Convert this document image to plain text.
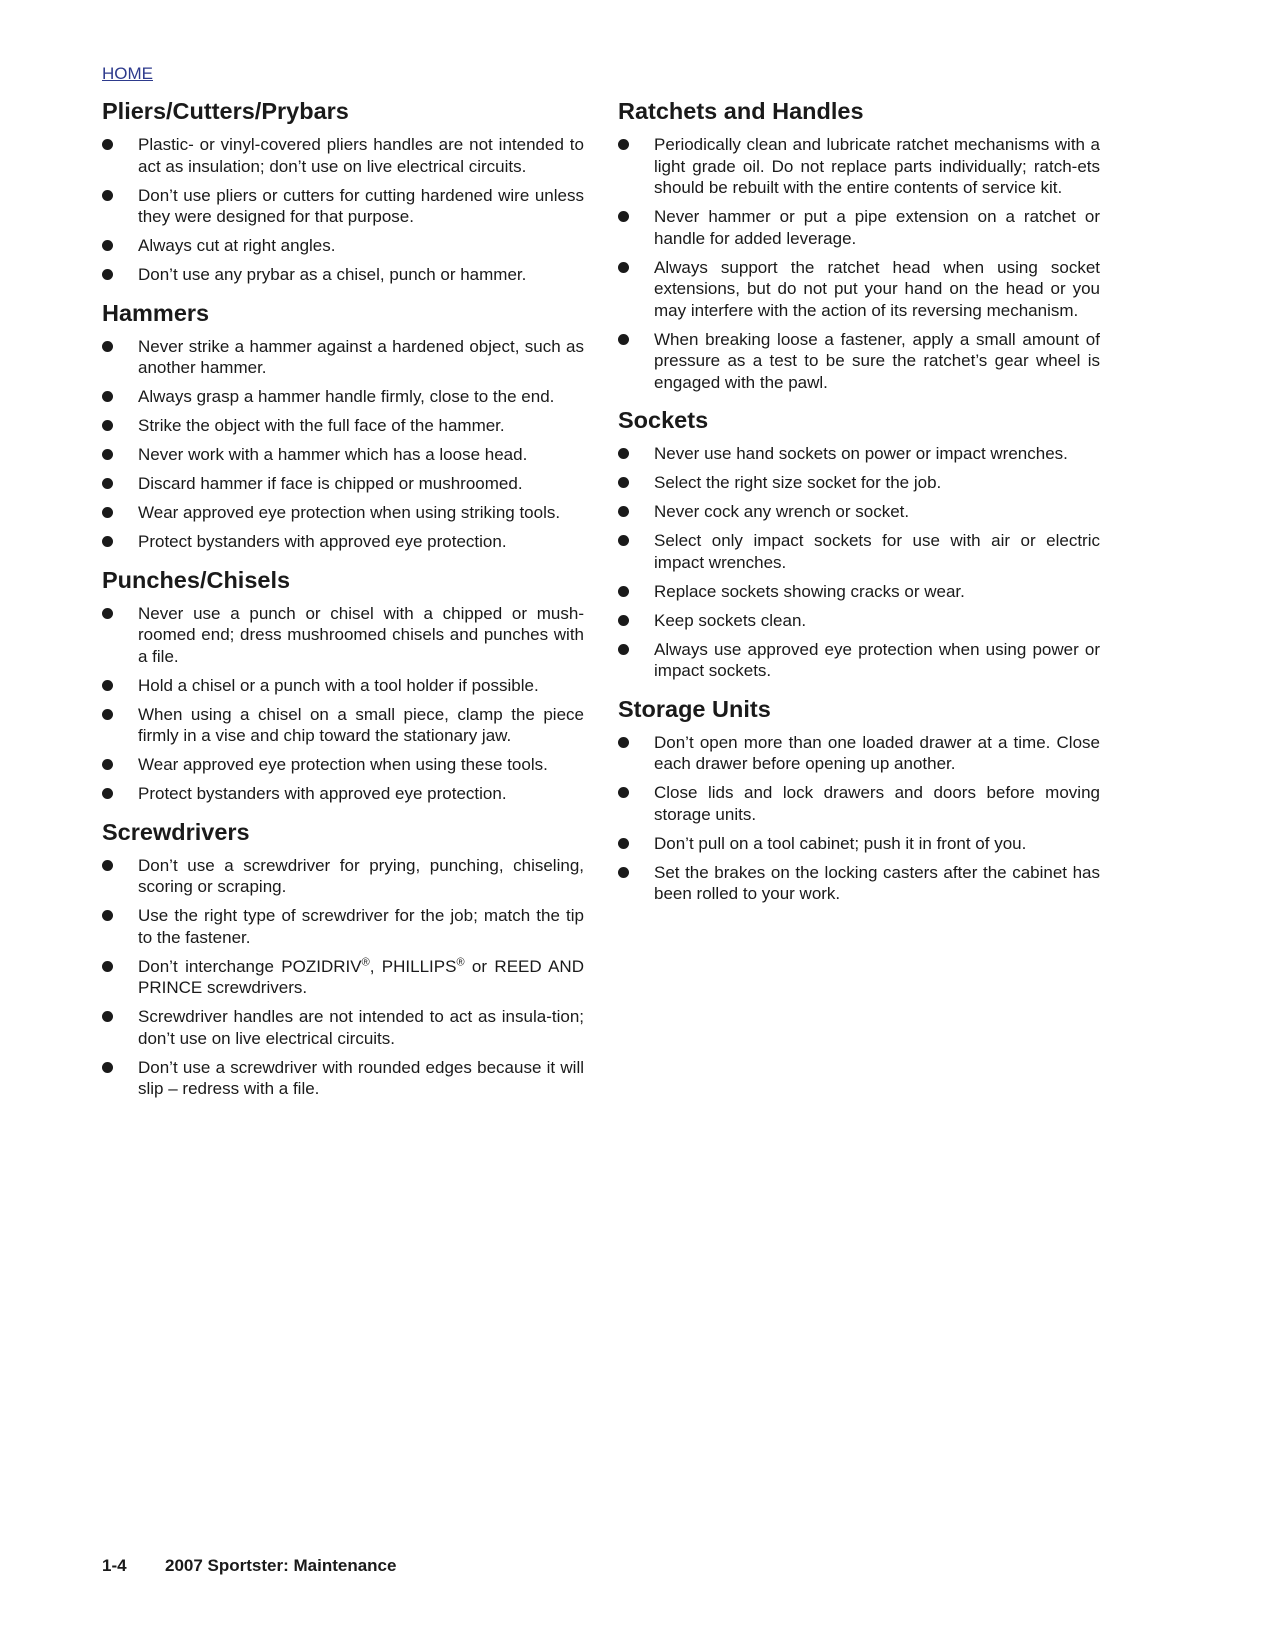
HOME
Pliers/Cutters/Prybars
Plastic- or vinyl-covered pliers handles are not intended to act as insulation; don’t use on live electrical circuits.
Don’t use pliers or cutters for cutting hardened wire unless they were designed for that purpose.
Always cut at right angles.
Don’t use any prybar as a chisel, punch or hammer.
Hammers
Never strike a hammer against a hardened object, such as another hammer.
Always grasp a hammer handle firmly, close to the end.
Strike the object with the full face of the hammer.
Never work with a hammer which has a loose head.
Discard hammer if face is chipped or mushroomed.
Wear approved eye protection when using striking tools.
Protect bystanders with approved eye protection.
Punches/Chisels
Never use a punch or chisel with a chipped or mush-roomed end; dress mushroomed chisels and punches with a file.
Hold a chisel or a punch with a tool holder if possible.
When using a chisel on a small piece, clamp the piece firmly in a vise and chip toward the stationary jaw.
Wear approved eye protection when using these tools.
Protect bystanders with approved eye protection.
Screwdrivers
Don’t use a screwdriver for prying, punching, chiseling, scoring or scraping.
Use the right type of screwdriver for the job; match the tip to the fastener.
Don’t interchange POZIDRIV®, PHILLIPS® or REED AND PRINCE screwdrivers.
Screwdriver handles are not intended to act as insula-tion; don’t use on live electrical circuits.
Don’t use a screwdriver with rounded edges because it will slip – redress with a file.
Ratchets and Handles
Periodically clean and lubricate ratchet mechanisms with a light grade oil. Do not replace parts individually; ratch-ets should be rebuilt with the entire contents of service kit.
Never hammer or put a pipe extension on a ratchet or handle for added leverage.
Always support the ratchet head when using socket extensions, but do not put your hand on the head or you may interfere with the action of its reversing mechanism.
When breaking loose a fastener, apply a small amount of pressure as a test to be sure the ratchet’s gear wheel is engaged with the pawl.
Sockets
Never use hand sockets on power or impact wrenches.
Select the right size socket for the job.
Never cock any wrench or socket.
Select only impact sockets for use with air or electric impact wrenches.
Replace sockets showing cracks or wear.
Keep sockets clean.
Always use approved eye protection when using power or impact sockets.
Storage Units
Don’t open more than one loaded drawer at a time. Close each drawer before opening up another.
Close lids and lock drawers and doors before moving storage units.
Don’t pull on a tool cabinet; push it in front of you.
Set the brakes on the locking casters after the cabinet has been rolled to your work.
1-4 2007 Sportster: Maintenance
